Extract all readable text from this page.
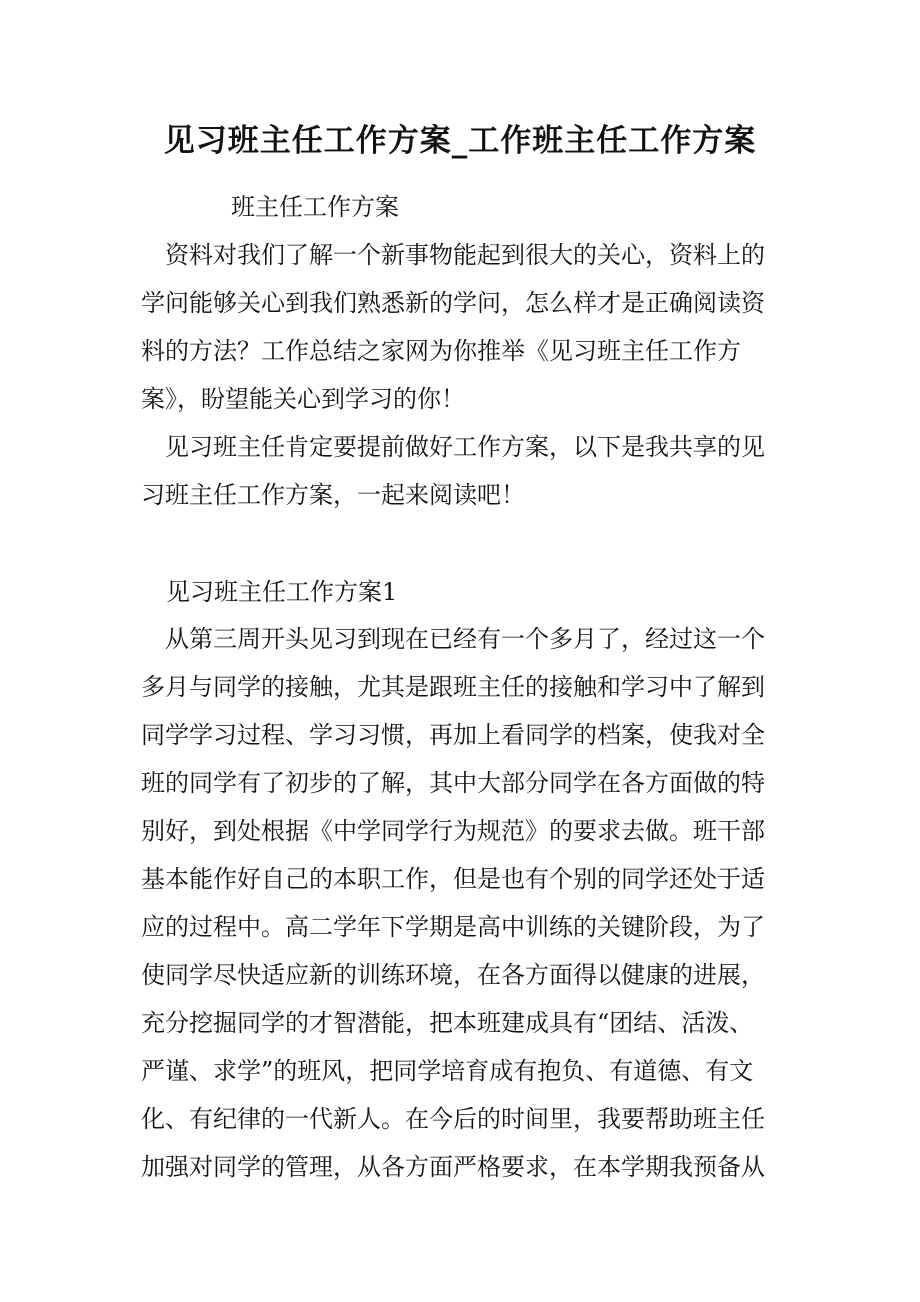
见习班主任工作方案_工作班主任工作方案
班主任工作方案
　资料对我们了解一个新事物能起到很大的关心，资料上的
学问能够关心到我们熟悉新的学问，怎么样才是正确阅读资
料的方法？工作总结之家网为你推举《见习班主任工作方
案》，盼望能关心到学习的你！
　见习班主任肯定要提前做好工作方案，以下是我共享的见
习班主任工作方案，一起来阅读吧！
见习班主任工作方案1
　从第三周开头见习到现在已经有一个多月了，经过这一个
多月与同学的接触，尤其是跟班主任的接触和学习中了解到
同学学习过程、学习习惯，再加上看同学的档案，使我对全
班的同学有了初步的了解，其中大部分同学在各方面做的特
别好，到处根据《中学同学行为规范》的要求去做。班干部
基本能作好自己的本职工作，但是也有个别的同学还处于适
应的过程中。高二学年下学期是高中训练的关键阶段，为了
使同学尽快适应新的训练环境，在各方面得以健康的进展，
充分挖掘同学的才智潜能，把本班建成具有“团结、活泼、
严谨、求学”的班风，把同学培育成有抱负、有道德、有文
化、有纪律的一代新人。在今后的时间里，我要帮助班主任
加强对同学的管理，从各方面严格要求，在本学期我预备从
